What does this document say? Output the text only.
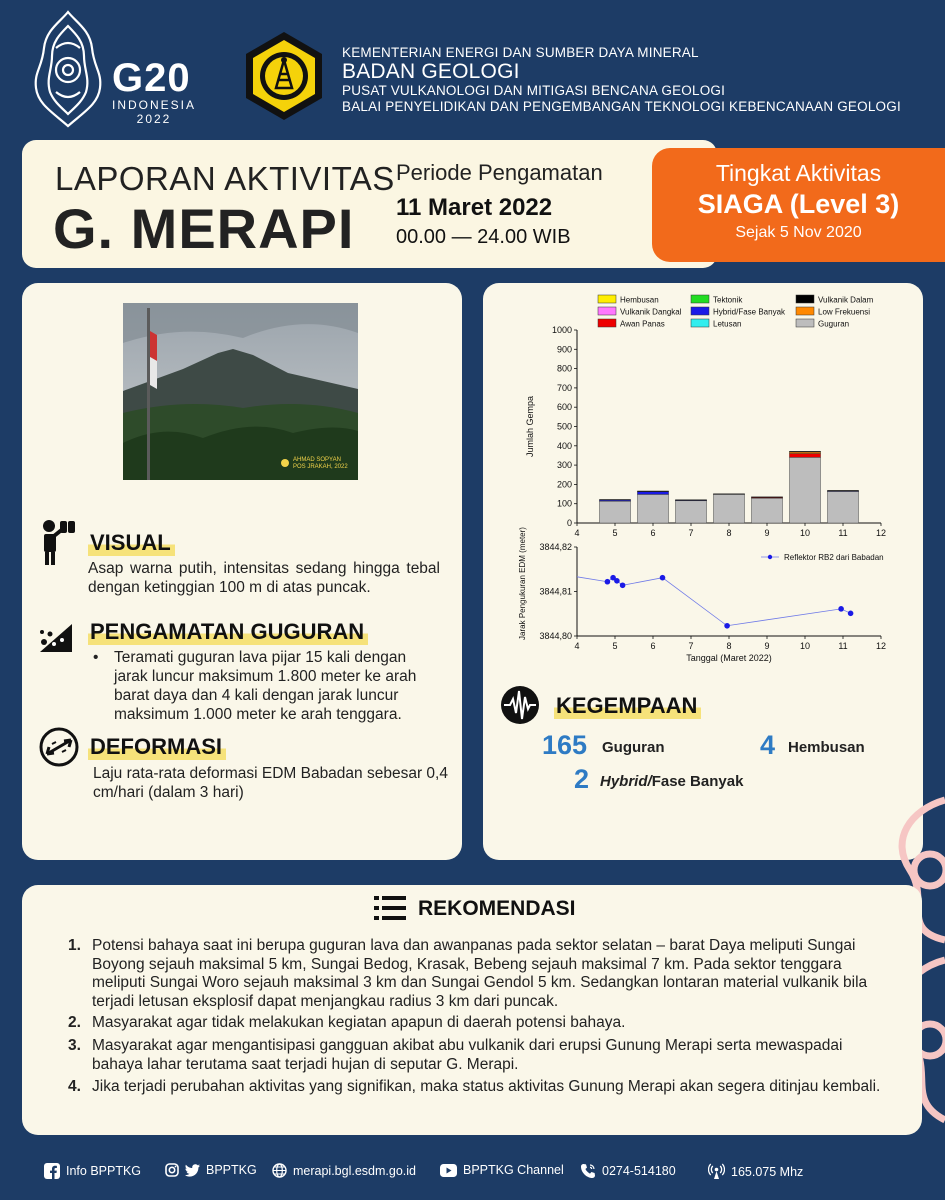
G20
INDONESIA
2022
KEMENTERIAN ENERGI DAN SUMBER DAYA MINERAL
BADAN GEOLOGI
PUSAT VULKANOLOGI DAN MITIGASI BENCANA GEOLOGI
BALAI PENYELIDIKAN DAN PENGEMBANGAN TEKNOLOGI KEBENCANAAN GEOLOGI
LAPORAN AKTIVITAS
G. MERAPI
Periode Pengamatan
11 Maret 2022
00.00 — 24.00 WIB
Tingkat Aktivitas
SIAGA (Level 3)
Sejak 5 Nov 2020
AHMAD SOPYAN
POS JRAKAH, 2022
VISUAL
Asap warna putih, intensitas sedang hingga tebal dengan ketinggian 100 m di atas puncak.
PENGAMATAN GUGURAN
• Teramati guguran lava pijar 15 kali dengan jarak luncur maksimum 1.800 meter ke arah barat daya dan 4 kali dengan jarak luncur maksimum 1.000 meter ke arah tenggara.
DEFORMASI
Laju rata-rata deformasi EDM Babadan sebesar 0,4 cm/hari (dalam 3 hari)
Hembusan	Tektonik	Vulkanik Dalam
Vulkanik Dangkal	Hybrid/Fase Banyak	Low Frekuensi
Awan Panas	Letusan	Guguran
0
100
200
300
400
500
600
700
800
900
1000
4	5	6	7	8	9	10	11	12
Jumlah Gempa
3844,80
3844,81
3844,82
4	5	6	7	8	9	10	11	12
Tanggal (Maret 2022)
Jarak Pengukuran EDM (meter)	Reflektor RB2 dari Babadan
KEGEMPAAN
165 Guguran	4 Hembusan
2 Hybrid/Fase Banyak
REKOMENDASI
1. Potensi bahaya saat ini berupa guguran lava dan awanpanas pada sektor selatan – barat Daya meliputi Sungai Boyong sejauh maksimal 5 km, Sungai Bedog, Krasak, Bebeng sejauh maksimal 7 km. Pada sektor tenggara meliputi Sungai Woro sejauh maksimal 3 km dan Sungai Gendol 5 km. Sedangkan lontaran material vulkanik bila terjadi letusan eksplosif dapat menjangkau radius 3 km dari puncak.
2. Masyarakat agar tidak melakukan kegiatan apapun di daerah potensi bahaya.
3. Masyarakat agar mengantisipasi gangguan akibat abu vulkanik dari erupsi Gunung Merapi serta mewaspadai bahaya lahar terutama saat terjadi hujan di seputar G. Merapi.
4. Jika terjadi perubahan aktivitas yang signifikan, maka status aktivitas Gunung Merapi akan segera ditinjau kembali.
Info BPPTKG	BPPTKG	merapi.bgl.esdm.go.id	BPPTKG Channel	0274-514180	165.075 Mhz
